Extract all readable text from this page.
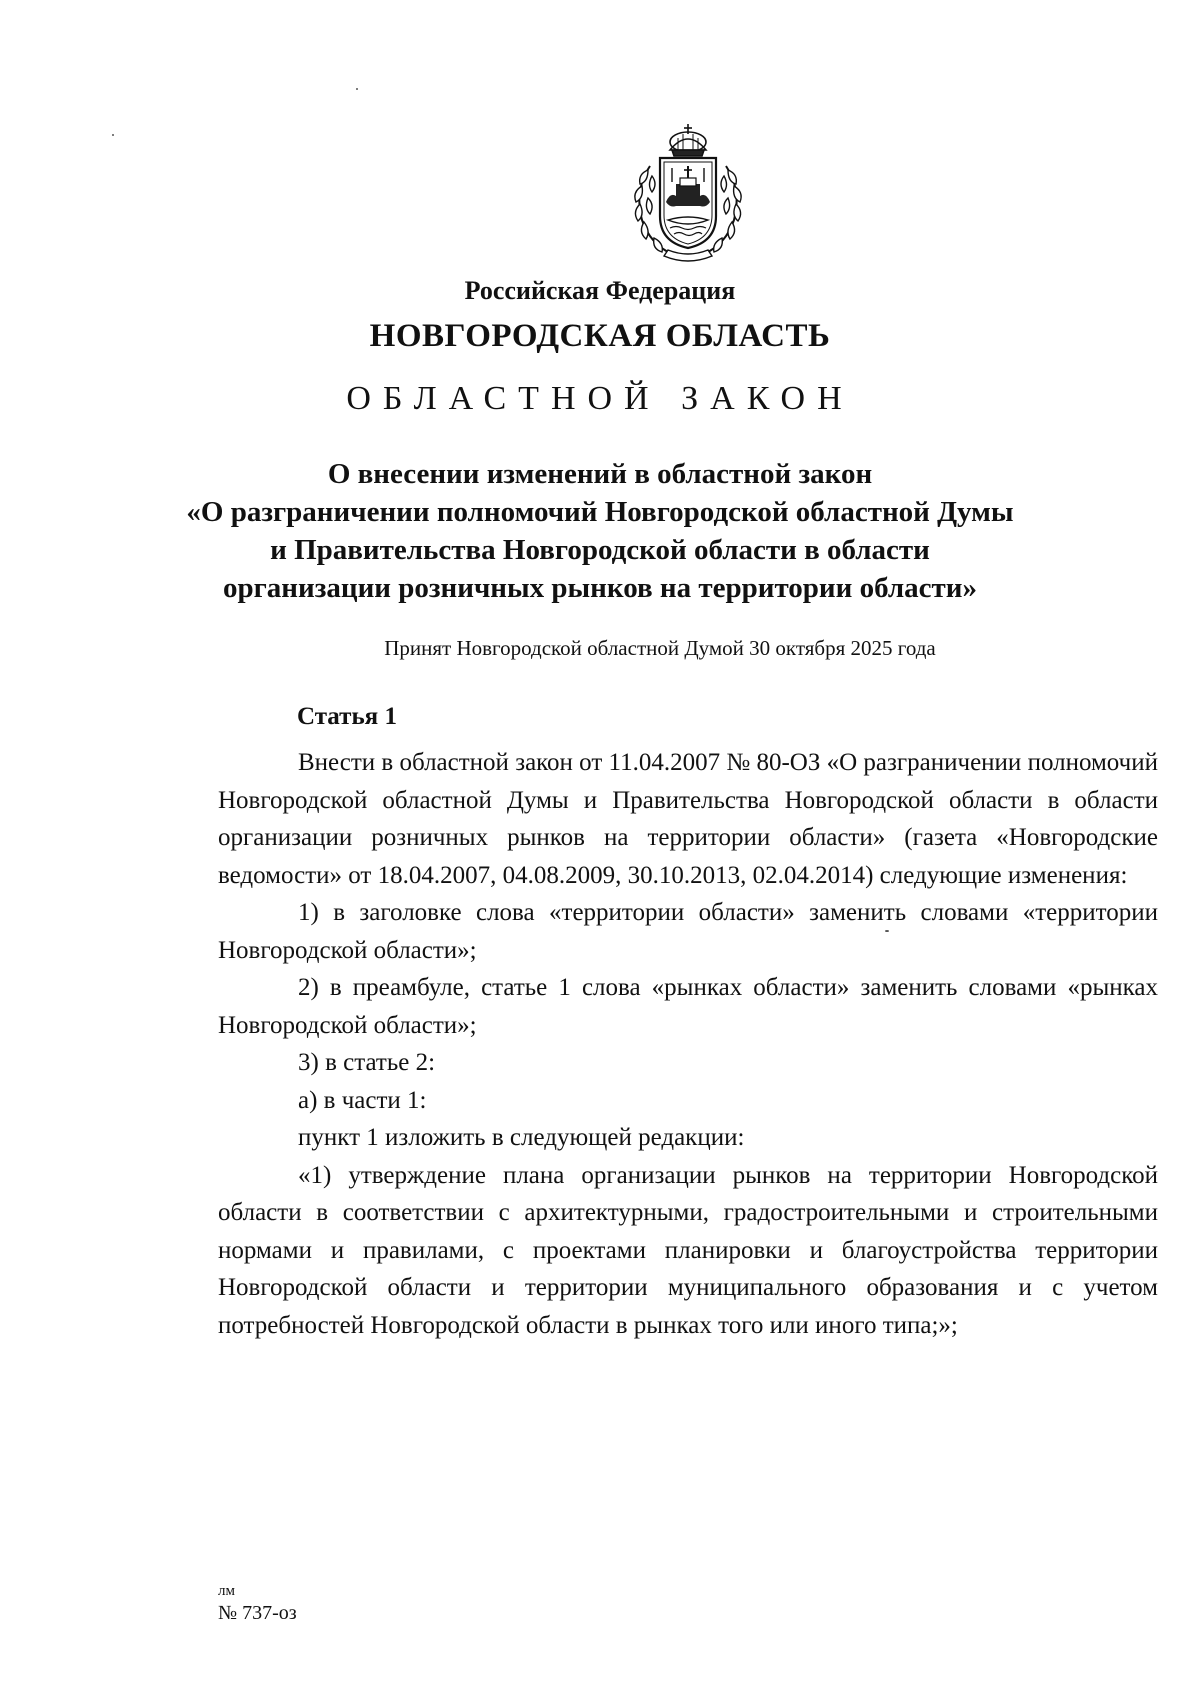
Российская Федерация
НОВГОРОДСКАЯ ОБЛАСТЬ
ОБЛАСТНОЙ ЗАКОН
О внесении изменений в областной закон
«О разграничении полномочий Новгородской областной Думы
и Правительства Новгородской области в области
организации розничных рынков на территории области»
Принят Новгородской областной Думой 30 октября 2025 года
Статья 1

Внести в областной закон от 11.04.2007 № 80-ОЗ «О разграничении полномочий Новгородской областной Думы и Правительства Новгородской области в области организации розничных рынков на территории области» (газета «Новгородские ведомости» от 18.04.2007, 04.08.2009, 30.10.2013, 02.04.2014) следующие изменения:

1) в заголовке слова «территории области» заменить словами «территории Новгородской области»;

2) в преамбуле, статье 1 слова «рынках области» заменить словами «рынках Новгородской области»;

3) в статье 2:

а) в части 1:

пункт 1 изложить в следующей редакции:

«1) утверждение плана организации рынков на территории Новгородской области в соответствии с архитектурными, градостроительными и строительными нормами и правилами, с проектами планировки и благоустройства территории Новгородской области и территории муниципального образования и с учетом потребностей Новгородской области в рынках того или иного типа;»;

лм
№ 737-оз
